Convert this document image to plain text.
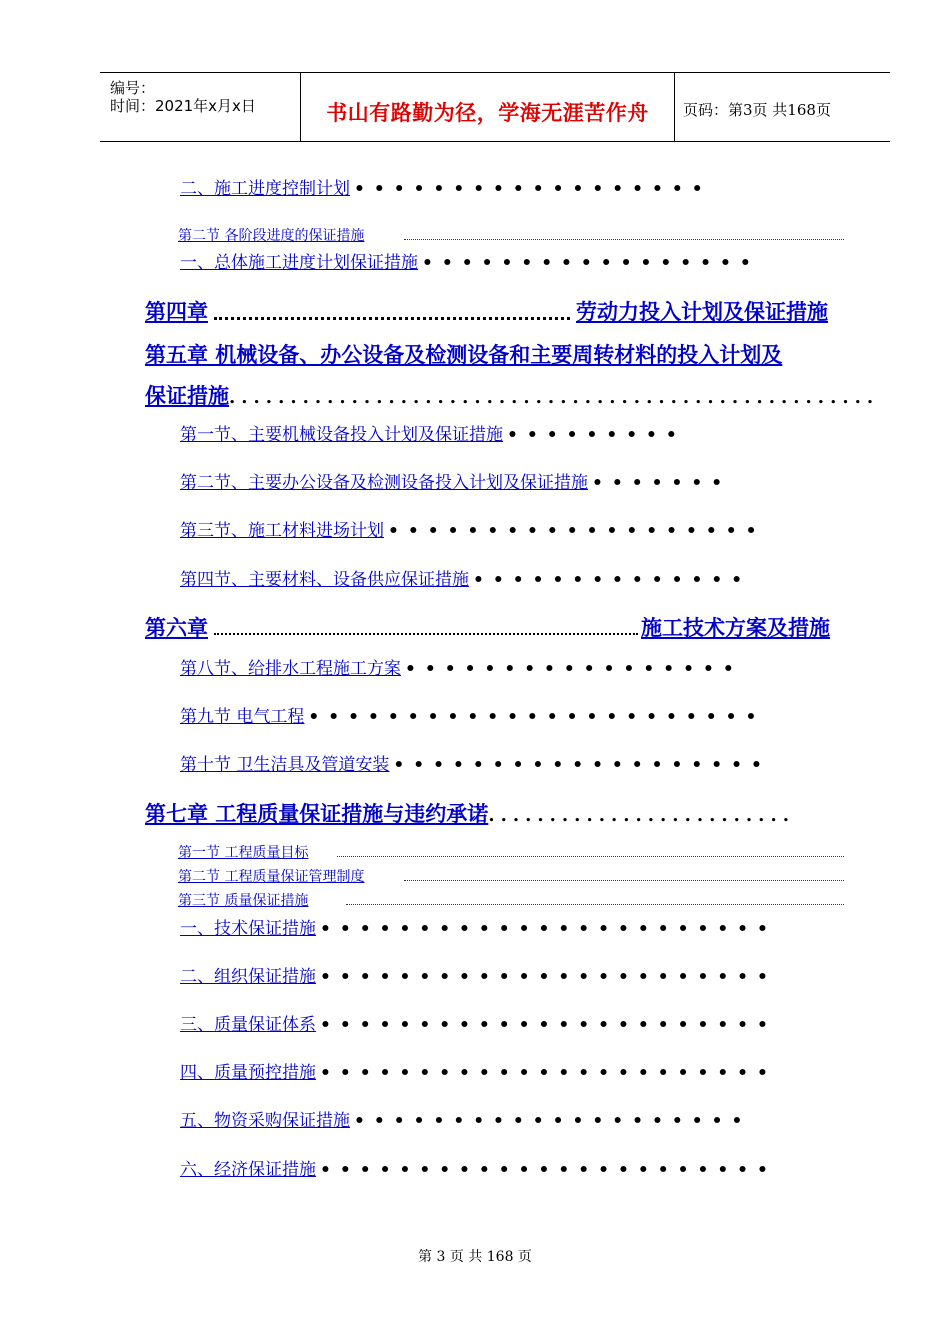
编号：
时间：2021年x月x日	书山有路勤为径，学海无涯苦作舟	页码：第3页 共168页
二、施工进度控制计划 ••••••••••••••••••
第二节 各阶段进度的保证措施
一、总体施工进度计划保证措施 •••••••••••••••••
第四章	劳动力投入计划及保证措施
第五章 机械设备、办公设备及检测设备和主要周转材料的投入计划及
保证措施.....................................................
第一节、主要机械设备投入计划及保证措施 •••••••••
第二节、主要办公设备及检测设备投入计划及保证措施 •••••••
第三节、施工材料进场计划 •••••••••••••••••••
第四节、主要材料、设备供应保证措施 ••••••••••••••
第六章	施工技术方案及措施
第八节、给排水工程施工方案 •••••••••••••••••
第九节 电气工程 •••••••••••••••••••••••
第十节 卫生洁具及管道安装 •••••••••••••••••••
第七章 工程质量保证措施与违约承诺.........................
第一节 工程质量目标
第二节 工程质量保证管理制度
第三节 质量保证措施
一、技术保证措施 •••••••••••••••••••••••
二、组织保证措施 •••••••••••••••••••••••
三、质量保证体系 •••••••••••••••••••••••
四、质量预控措施 •••••••••••••••••••••••
五、物资采购保证措施 ••••••••••••••••••••
六、经济保证措施 •••••••••••••••••••••••
第 3 页 共 168 页
